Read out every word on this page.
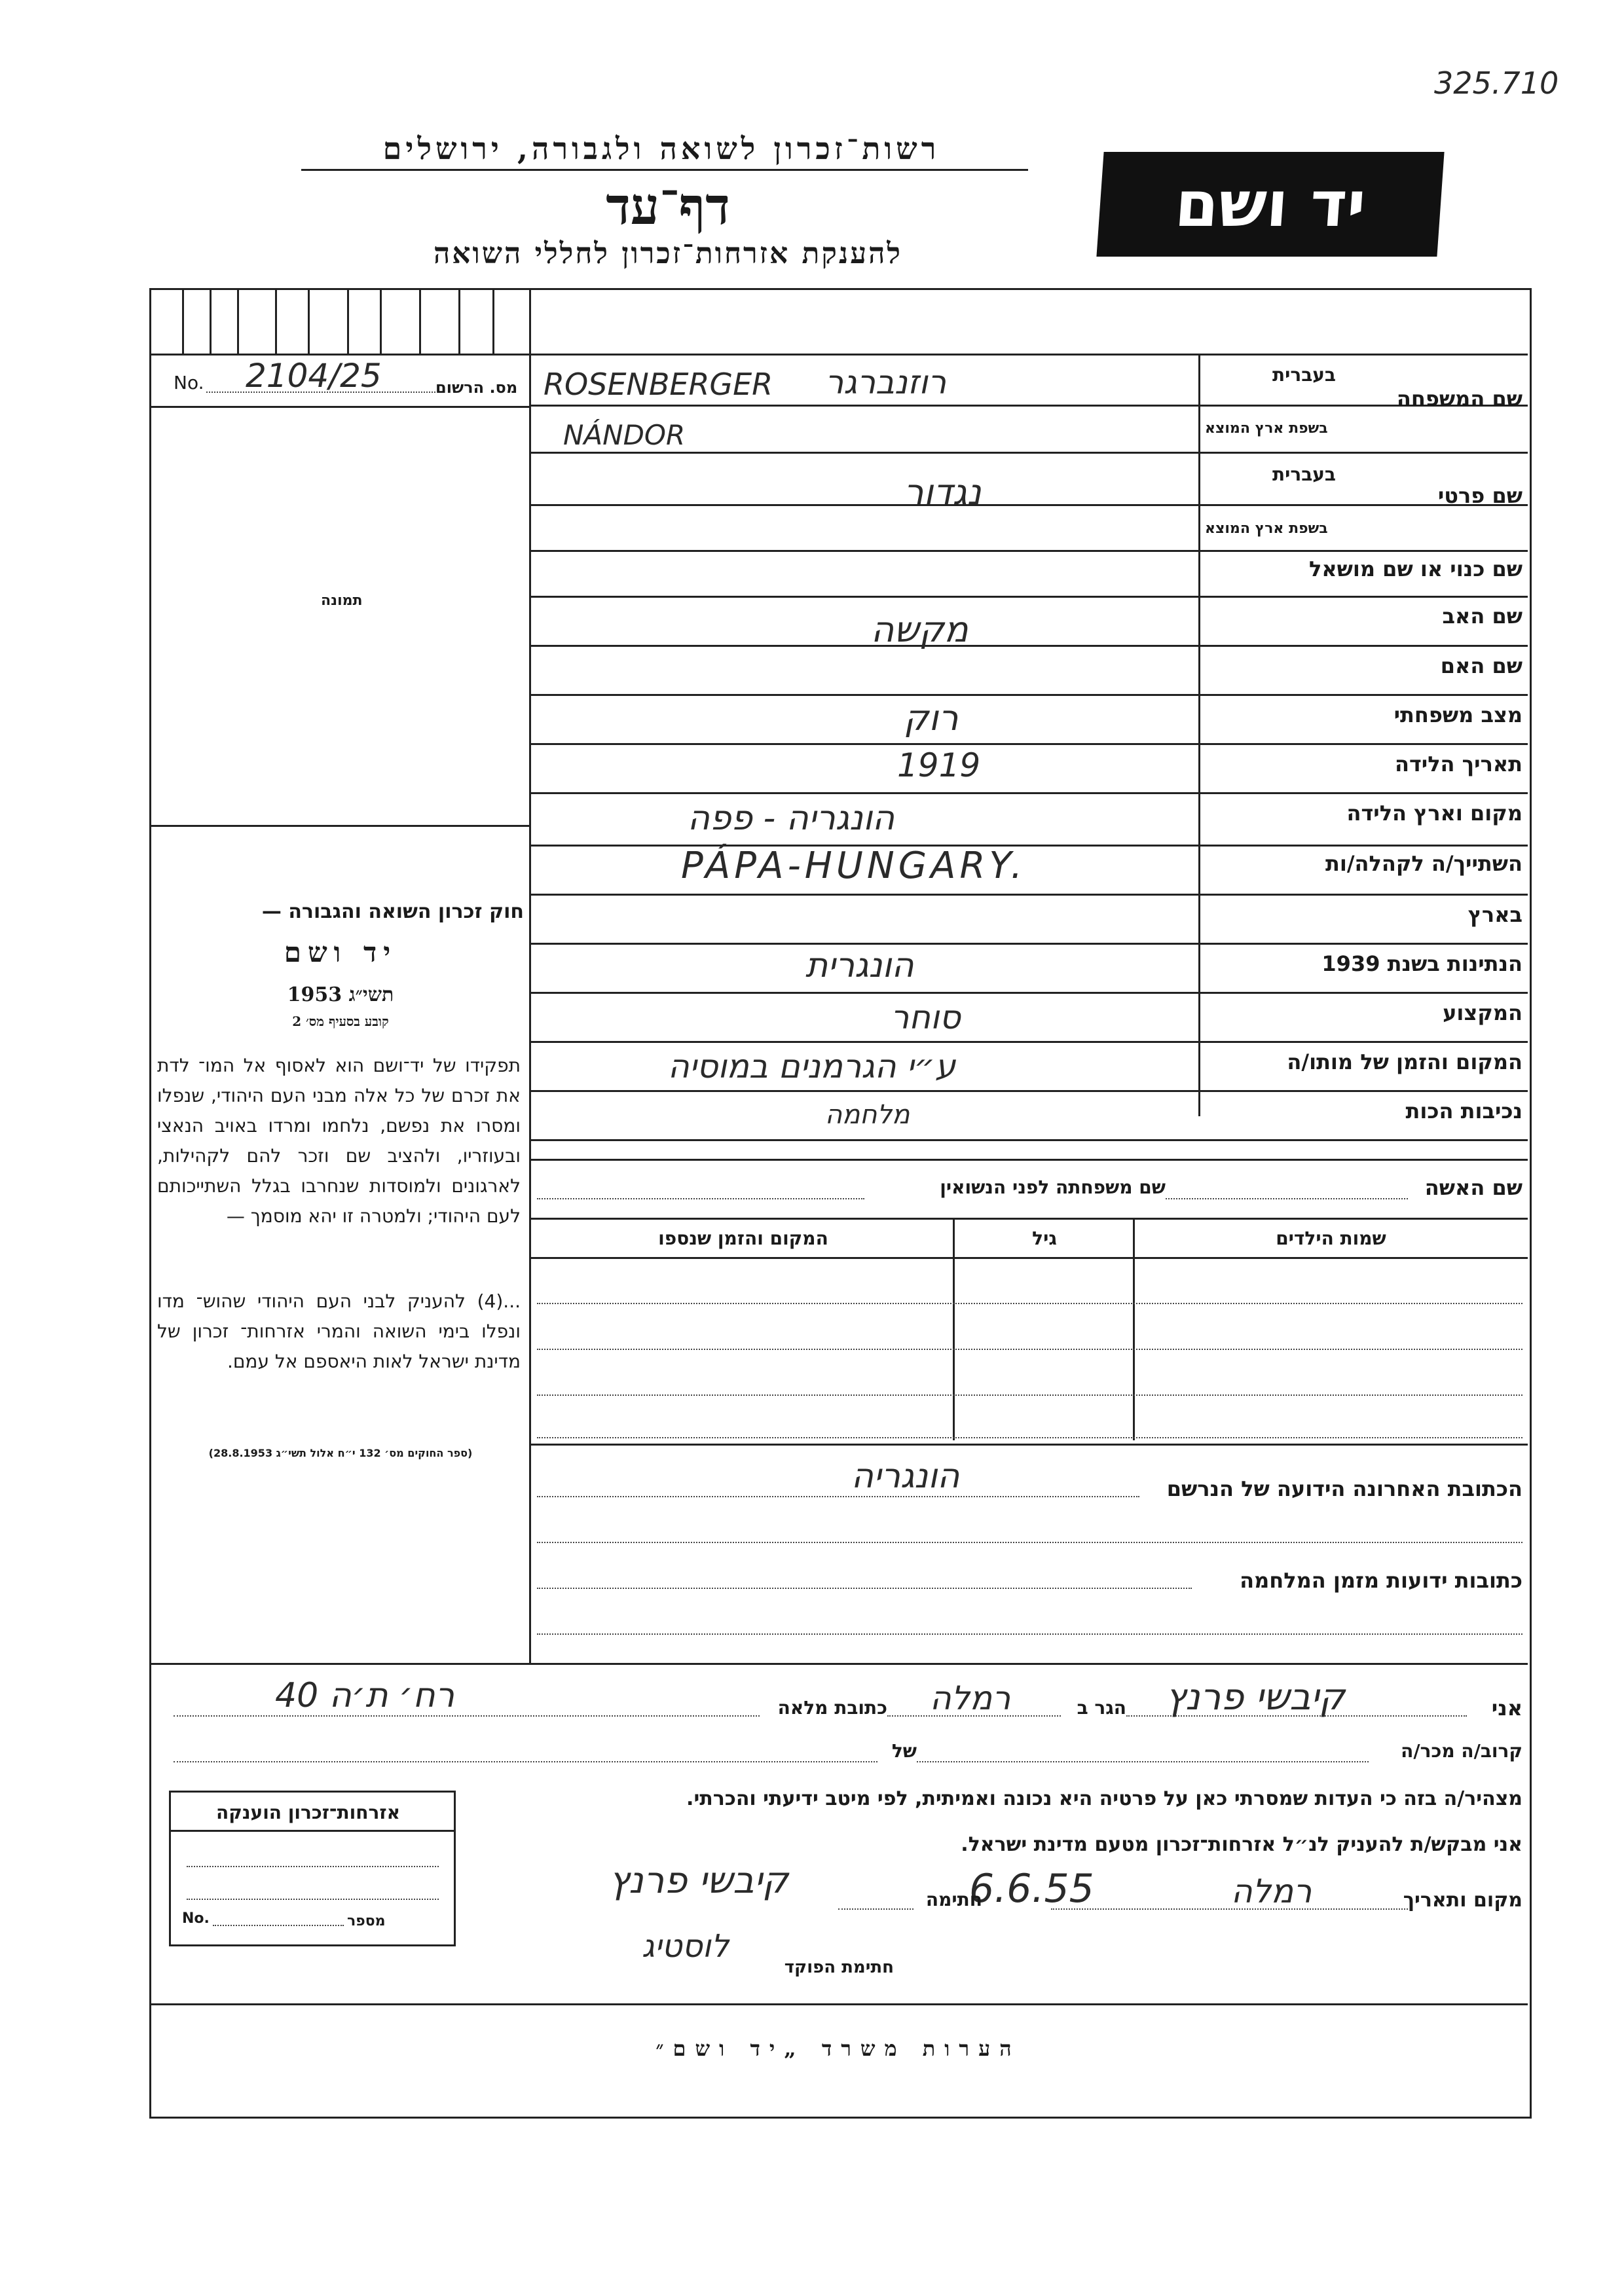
325.710
רשות־זכרון לשואה ולגבורה, ירושלים
דף־עד
להענקת אזרחות־זכרון לחללי השואה
יד ושם
No. 2104/25	מס. הרשום
תמונה
חוק זכרון השואה והגבורה —
יד ושם
תשי״ג 1953
קובע בסעיף מס׳ 2
תפקידו של יד־ושם הוא לאסוף אל המו־ לדת את זכרם של כל אלה מבני העם היהודי, שנפלו ומסרו את נפשם, נלחמו ומרדו באויב הנאצי ובעוזריו, ולהציב שם וזכר להם לקהילות, לארגונים ולמוסדות שנחרבו בגלל השתייכותם לעם היהודי; ולמטרה זו יהא מוסמך —
...(4) להעניק לבני העם היהודי שהוש־ מדו ונפלו בימי השואה והמרי אזרחות־ זכרון של מדינת ישראל לאות היאספם אל עמם.
(ספר החוקים מס׳ 132 י״ח אלול תשי״ג 28.8.1953)
שם המשפחה
בעברית
בשפת ארץ המוצא
ROSENBERGER רוזנברגר
שם פרטי
בעברית
בשפת ארץ המוצא
NÁNDOR
נגדור
שם כנוי או שם מושאל
שם האב
מקשה
שם האם
מצב משפחתי
רוק
תאריך הלידה
1919
מקום וארץ הלידה
הונגריה - פפה
השתייך/ה לקהלה/ות
PÁPA-HUNGARY.
בארץ
הנתינות בשנת 1939
הונגרית
המקצוע
סוחר
המקום והזמן של מותו/ה
ע״י הגרמנים במוסיה
נכיבות הכות
מלחמה
שם האשה
שם משפחתה לפני הנשואין
שמות הילדים
גיל
המקום והזמן שנספו
הכתובת האחרונה הידועה של הנרשם
הונגריה
כתובות ידועות מזמן המלחמה
אני
קיבשי פרנץ
הגר ב
רמלה
כתובת מלאה
רח׳ ת׳ה 40
קרוב/ה מכר/ה
של
מצהיר/ה בזה כי העדות שמסרתי כאן על פרטיה היא נכונה ואמיתית, לפי מיטב ידיעתי והכרתי.
אני מבקש/ת להעניק לנ״ל אזרחות־זכרון מטעם מדינת ישראל.
מקום ותאריך
רמלה
6.6.55
חתימה
קיבשי פרנץ
חתימת הפוקד
לוסטיג
אזרחות־זכרון הוענקה
No.	מספר
הערות משרד „יד ושם״
